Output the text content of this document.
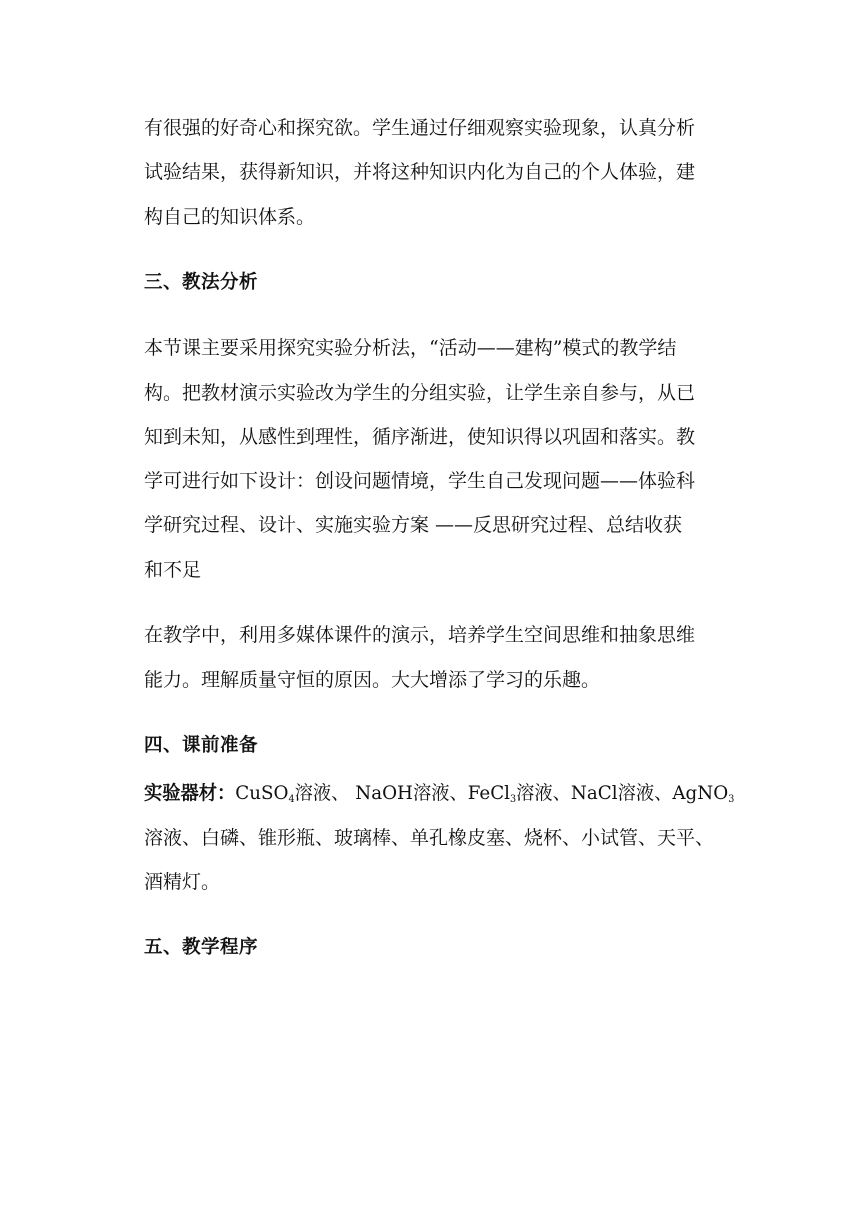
有很强的好奇心和探究欲。学生通过仔细观察实验现象，认真分析
试验结果，获得新知识，并将这种知识内化为自己的个人体验，建
构自己的知识体系。
三、教法分析
本节课主要采用探究实验分析法，“活动——建构”模式的教学结
构。把教材演示实验改为学生的分组实验，让学生亲自参与，从已
知到未知，从感性到理性，循序渐进，使知识得以巩固和落实。教
学可进行如下设计：创设问题情境，学生自己发现问题——体验科
学研究过程、设计、实施实验方案 ——反思研究过程、总结收获
和不足
在教学中，利用多媒体课件的演示，培养学生空间思维和抽象思维
能力。理解质量守恒的原因。大大增添了学习的乐趣。
四、课前准备
实验器材：CuSO$_4$溶液、 NaOH溶液、FeCl$_3$溶液、NaCl溶液、AgNO$_3$
溶液、白磷、锥形瓶、玻璃棒、单孔橡皮塞、烧杯、小试管、天平、
酒精灯。
五、教学程序
